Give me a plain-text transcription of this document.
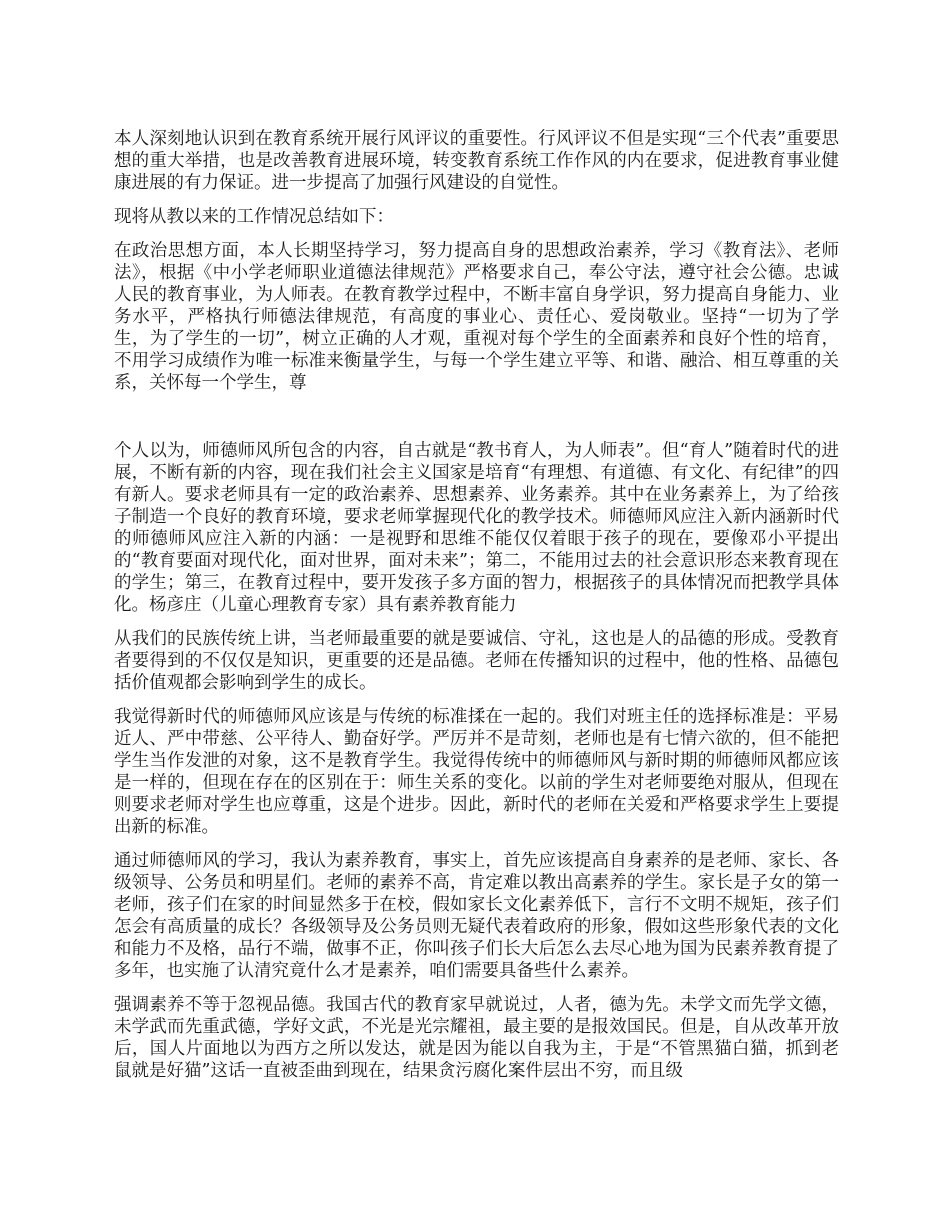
本人深刻地认识到在教育系统开展行风评议的重要性。行风评议不但是实现“三个代表”重要思想的重大举措，也是改善教育进展环境，转变教育系统工作作风的内在要求，促进教育事业健康进展的有力保证。进一步提高了加强行风建设的自觉性。

现将从教以来的工作情况总结如下：

在政治思想方面，本人长期坚持学习，努力提高自身的思想政治素养，学习《教育法》、老师法》，根据《中小学老师职业道德法律规范》严格要求自己，奉公守法，遵守社会公德。忠诚人民的教育事业，为人师表。在教育教学过程中，不断丰富自身学识，努力提高自身能力、业务水平，严格执行师德法律规范，有高度的事业心、责任心、爱岗敬业。坚持“一切为了学生，为了学生的一切”，树立正确的人才观，重视对每个学生的全面素养和良好个性的培育，不用学习成绩作为唯一标准来衡量学生，与每一个学生建立平等、和谐、融洽、相互尊重的关系，关怀每一个学生，尊

个人以为，师德师风所包含的内容，自古就是“教书育人，为人师表”。但“育人”随着时代的进展，不断有新的内容，现在我们社会主义国家是培育“有理想、有道德、有文化、有纪律”的四有新人。要求老师具有一定的政治素养、思想素养、业务素养。其中在业务素养上，为了给孩子制造一个良好的教育环境，要求老师掌握现代化的教学技术。师德师风应注入新内涵新时代的师德师风应注入新的内涵：一是视野和思维不能仅仅着眼于孩子的现在，要像邓小平提出的“教育要面对现代化，面对世界，面对未来”；第二，不能用过去的社会意识形态来教育现在的学生；第三，在教育过程中，要开发孩子多方面的智力，根据孩子的具体情况而把教学具体化。杨彦庄（儿童心理教育专家）具有素养教育能力

从我们的民族传统上讲，当老师最重要的就是要诚信、守礼，这也是人的品德的形成。受教育者要得到的不仅仅是知识，更重要的还是品德。老师在传播知识的过程中，他的性格、品德包括价值观都会影响到学生的成长。

我觉得新时代的师德师风应该是与传统的标准揉在一起的。我们对班主任的选择标准是：平易近人、严中带慈、公平待人、勤奋好学。严厉并不是苛刻，老师也是有七情六欲的，但不能把学生当作发泄的对象，这不是教育学生。我觉得传统中的师德师风与新时期的师德师风都应该是一样的，但现在存在的区别在于：师生关系的变化。以前的学生对老师要绝对服从，但现在则要求老师对学生也应尊重，这是个进步。因此，新时代的老师在关爱和严格要求学生上要提出新的标准。

通过师德师风的学习，我认为素养教育，事实上，首先应该提高自身素养的是老师、家长、各级领导、公务员和明星们。老师的素养不高，肯定难以教出高素养的学生。家长是子女的第一老师，孩子们在家的时间显然多于在校，假如家长文化素养低下，言行不文明不规矩，孩子们怎会有高质量的成长？各级领导及公务员则无疑代表着政府的形象，假如这些形象代表的文化和能力不及格，品行不端，做事不正，你叫孩子们长大后怎么去尽心地为国为民素养教育提了多年，也实施了认清究竟什么才是素养，咱们需要具备些什么素养。

强调素养不等于忽视品德。我国古代的教育家早就说过，人者，德为先。未学文而先学文德，未学武而先重武德，学好文武，不光是光宗耀祖，最主要的是报效国民。但是，自从改革开放后，国人片面地以为西方之所以发达，就是因为能以自我为主，于是“不管黑猫白猫，抓到老鼠就是好猫”这话一直被歪曲到现在，结果贪污腐化案件层出不穷，而且级
